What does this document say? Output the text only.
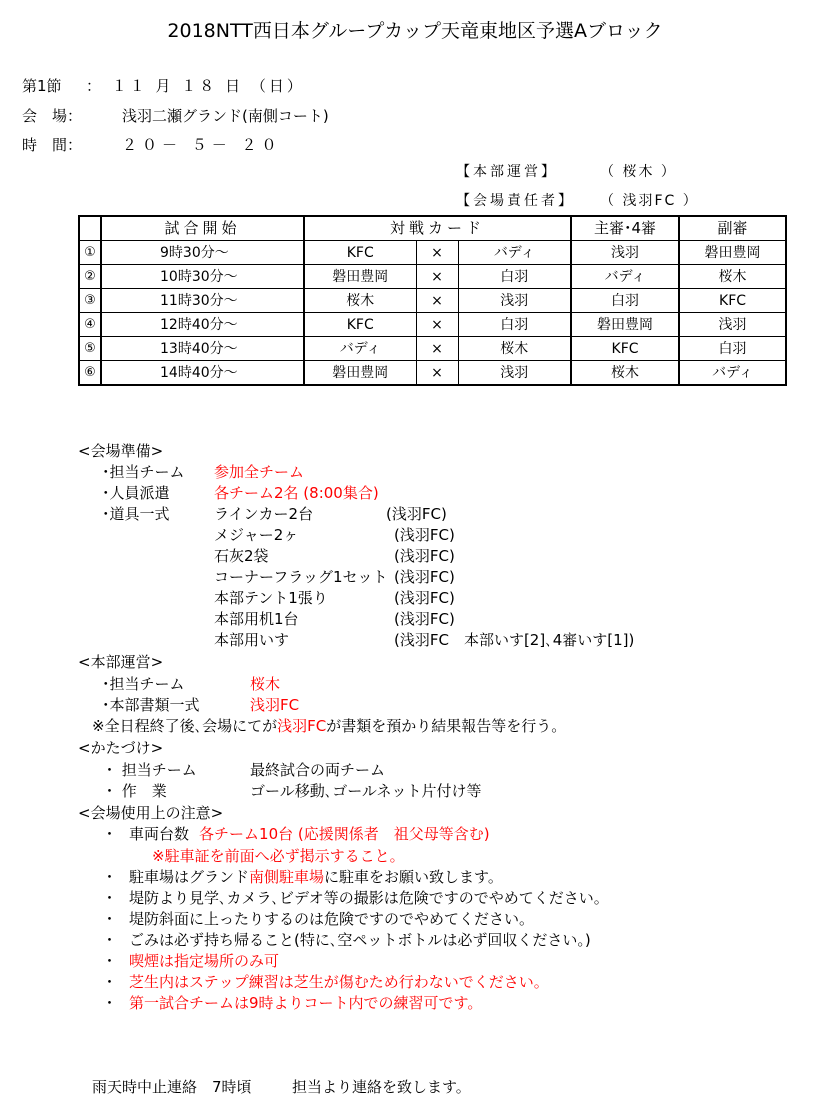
2018NTT西日本グループカップ天竜東地区予選Aブロック
第1節 ： １１ 月 １８ 日 （日）
会　場：	浅羽二瀬グランド(南側コート)
時　間：	２０－ ５－ ２０
【本部運営】	（ 桜木 ）
【会場責任者】 （ 浅羽FC ）
	試合開始	対戦カード			主審･4審	副審
①	9時30分～	KFC	×	バディ	浅羽	磐田豊岡
②	10時30分～	磐田豊岡	×	白羽	バディ	桜木
③	11時30分～	桜木	×	浅羽	白羽	KFC
④	12時40分～	KFC	×	白羽	磐田豊岡	浅羽
⑤	13時40分～	バディ	×	桜木	KFC	白羽
⑥	14時40分～	磐田豊岡	×	浅羽	桜木	バディ
<会場準備>
･担当チーム 参加全チーム
･人員派遣	各チーム2名 (8:00集合)
･道具一式	ラインカー2台	(浅羽FC)
メジャー2ヶ	(浅羽FC)
石灰2袋	(浅羽FC)
コーナーフラッグ1セット (浅羽FC)
本部テント1張り	(浅羽FC)
本部用机1台	(浅羽FC)
本部用いす	(浅羽FC　本部いす[2]､4審いす[1])
<本部運営>
･担当チーム	桜木
･本部書類一式	浅羽FC
※全日程終了後､会場にてが浅羽FCが書類を預かり結果報告等を行う。
<かたづけ>
・ 担当チーム	最終試合の両チーム
・ 作　業	ゴール移動､ゴールネット片付け等
<会場使用上の注意>
・ 車両台数 各チーム10台 (応援関係者　祖父母等含む)
※駐車証を前面へ必ず掲示すること。
・ 駐車場はグランド南側駐車場に駐車をお願い致します。
・ 堤防より見学､カメラ､ビデオ等の撮影は危険ですのでやめてください。
・ 堤防斜面に上ったりするのは危険ですのでやめてください。
・ ごみは必ず持ち帰ること(特に､空ペットボトルは必ず回収ください。)
・ 喫煙は指定場所のみ可
・ 芝生内はステップ練習は芝生が傷むため行わないでください。
・ 第一試合チームは9時よりコート内での練習可です。
雨天時中止連絡　7時頃	担当より連絡を致します。
